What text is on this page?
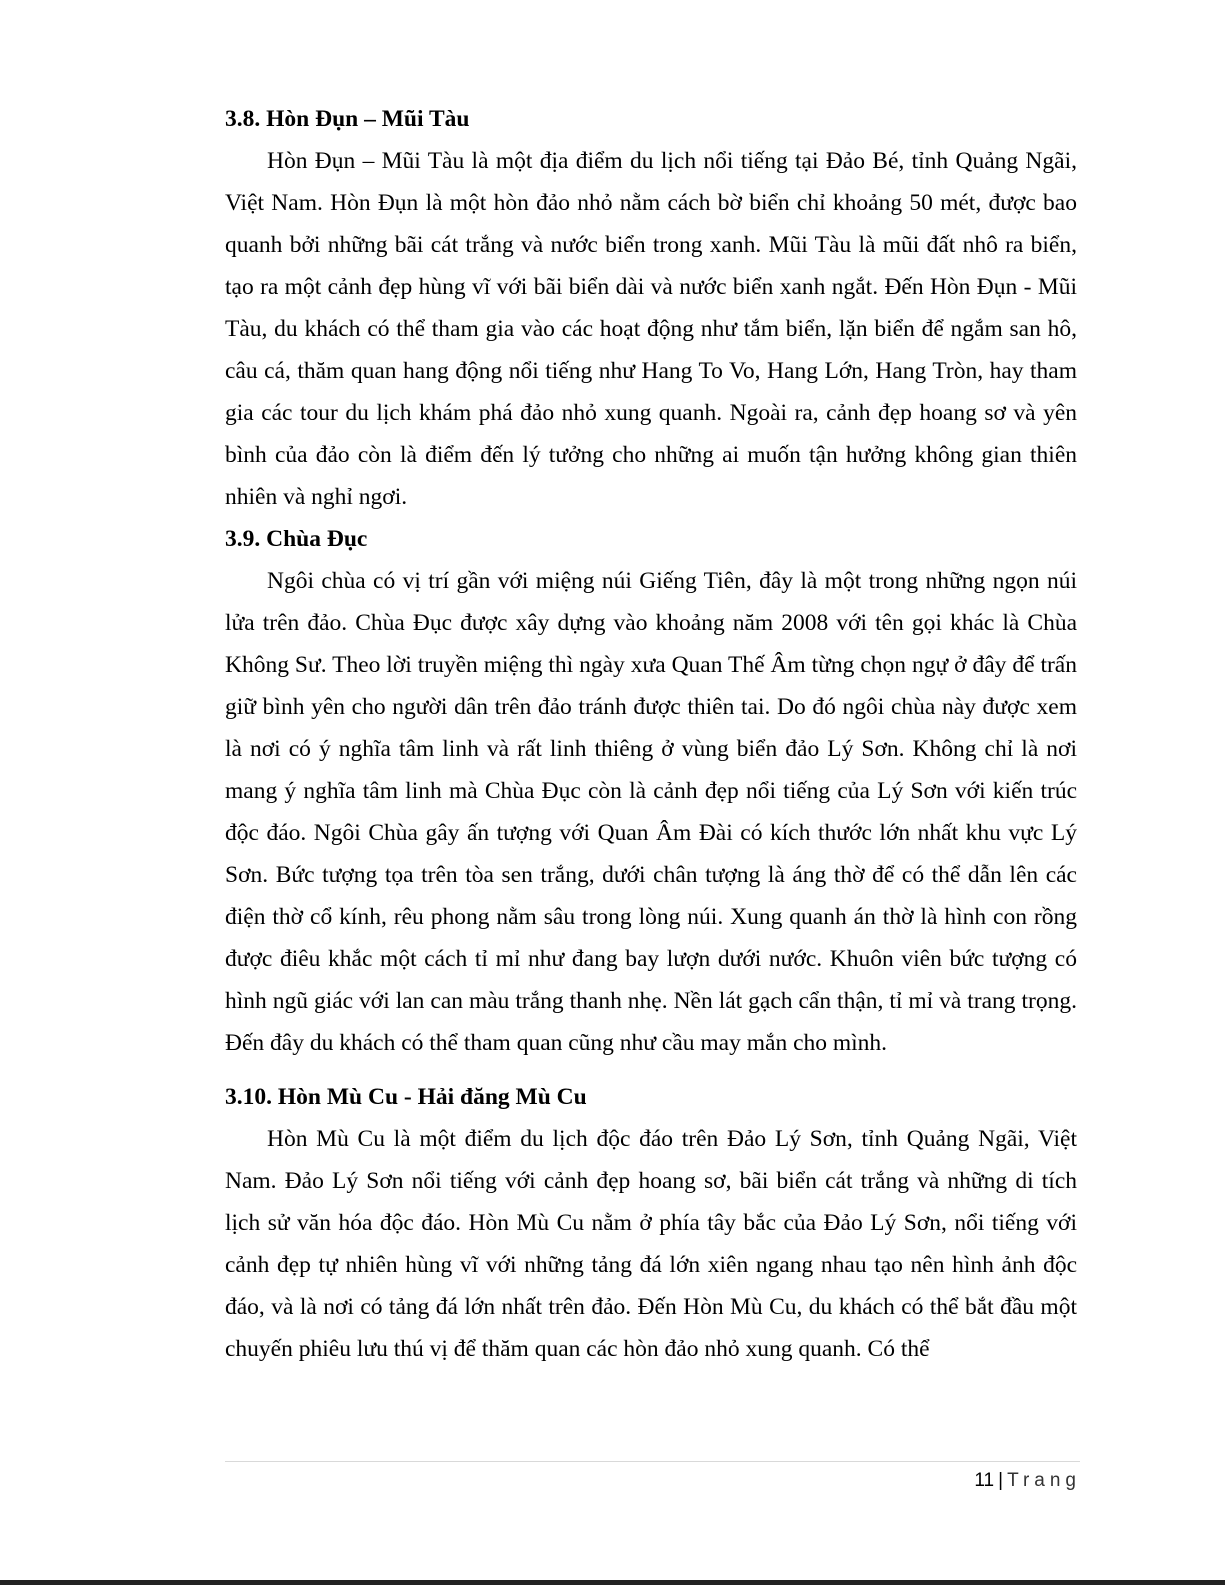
3.8. Hòn Đụn – Mũi Tàu

Hòn Đụn – Mũi Tàu là một địa điểm du lịch nổi tiếng tại Đảo Bé, tỉnh Quảng Ngãi, Việt Nam. Hòn Đụn là một hòn đảo nhỏ nằm cách bờ biển chỉ khoảng 50 mét, được bao quanh bởi những bãi cát trắng và nước biển trong xanh. Mũi Tàu là mũi đất nhô ra biển, tạo ra một cảnh đẹp hùng vĩ với bãi biển dài và nước biển xanh ngắt. Đến Hòn Đụn - Mũi Tàu, du khách có thể tham gia vào các hoạt động như tắm biển, lặn biển để ngắm san hô, câu cá, thăm quan hang động nổi tiếng như Hang To Vo, Hang Lớn, Hang Tròn, hay tham gia các tour du lịch khám phá đảo nhỏ xung quanh. Ngoài ra, cảnh đẹp hoang sơ và yên bình của đảo còn là điểm đến lý tưởng cho những ai muốn tận hưởng không gian thiên nhiên và nghỉ ngơi.

3.9. Chùa Đục

Ngôi chùa có vị trí gần với miệng núi Giếng Tiên, đây là một trong những ngọn núi lửa trên đảo. Chùa Đục được xây dựng vào khoảng năm 2008 với tên gọi khác là Chùa Không Sư. Theo lời truyền miệng thì ngày xưa Quan Thế Âm từng chọn ngự ở đây để trấn giữ bình yên cho người dân trên đảo tránh được thiên tai. Do đó ngôi chùa này được xem là nơi có ý nghĩa tâm linh và rất linh thiêng ở vùng biển đảo Lý Sơn. Không chỉ là nơi mang ý nghĩa tâm linh mà Chùa Đục còn là cảnh đẹp nổi tiếng của Lý Sơn với kiến trúc độc đáo. Ngôi Chùa gây ấn tượng với Quan Âm Đài có kích thước lớn nhất khu vực Lý Sơn. Bức tượng tọa trên tòa sen trắng, dưới chân tượng là áng thờ để có thể dẫn lên các điện thờ cổ kính, rêu phong nằm sâu trong lòng núi. Xung quanh án thờ là hình con rồng được điêu khắc một cách tỉ mỉ như đang bay lượn dưới nước. Khuôn viên bức tượng có hình ngũ giác với lan can màu trắng thanh nhẹ. Nền lát gạch cẩn thận, tỉ mỉ và trang trọng. Đến đây du khách có thể tham quan cũng như cầu may mắn cho mình.

3.10. Hòn Mù Cu - Hải đăng Mù Cu

Hòn Mù Cu là một điểm du lịch độc đáo trên Đảo Lý Sơn, tỉnh Quảng Ngãi, Việt Nam. Đảo Lý Sơn nổi tiếng với cảnh đẹp hoang sơ, bãi biển cát trắng và những di tích lịch sử văn hóa độc đáo. Hòn Mù Cu nằm ở phía tây bắc của Đảo Lý Sơn, nổi tiếng với cảnh đẹp tự nhiên hùng vĩ với những tảng đá lớn xiên ngang nhau tạo nên hình ảnh độc đáo, và là nơi có tảng đá lớn nhất trên đảo. Đến Hòn Mù Cu, du khách có thể bắt đầu một chuyến phiêu lưu thú vị để thăm quan các hòn đảo nhỏ xung quanh. Có thể

11 | Trang
